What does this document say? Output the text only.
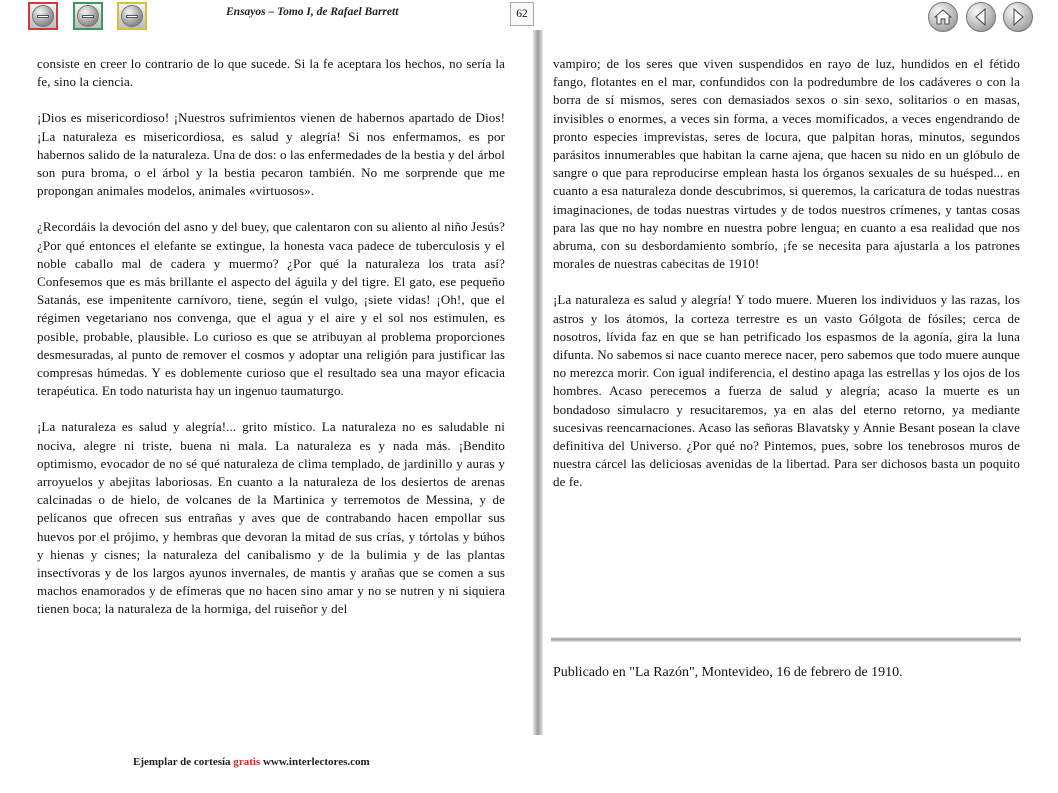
Ensayos – Tomo I, de Rafael Barrett	62

consiste en creer lo contrario de lo que sucede. Si la fe aceptara los hechos, no sería la fe, sino la ciencia.

¡Dios es misericordioso! ¡Nuestros sufrimientos vienen de habernos apartado de Dios! ¡La naturaleza es misericordiosa, es salud y alegría! Si nos enfermamos, es por habernos salido de la naturaleza. Una de dos: o las enfermedades de la bestia y del árbol son pura broma, o el árbol y la bestia pecaron también. No me sorprende que me propongan animales modelos, animales «virtuosos».

¿Recordáis la devoción del asno y del buey, que calentaron con su aliento al niño Jesús? ¿Por qué entonces el elefante se extingue, la honesta vaca padece de tuberculosis y el noble caballo mal de cadera y muermo? ¿Por qué la naturaleza los trata así? Confesemos que es más brillante el aspecto del águila y del tigre. El gato, ese pequeño Satanás, ese impenitente carnívoro, tiene, según el vulgo, ¡siete vidas! ¡Oh!, que el régimen vegetariano nos convenga, que el agua y el aire y el sol nos estimulen, es posible, probable, plausible. Lo curioso es que se atribuyan al problema proporciones desmesuradas, al punto de remover el cosmos y adoptar una religión para justificar las compresas húmedas. Y es doblemente curioso que el resultado sea una mayor eficacia terapéutica. En todo naturista hay un ingenuo taumaturgo.

¡La naturaleza es salud y alegría!... grito místico. La naturaleza no es saludable ni nociva, alegre ni triste, buena ni mala. La naturaleza es y nada más. ¡Bendito optimismo, evocador de no sé qué naturaleza de clima templado, de jardinillo y auras y arroyuelos y abejitas laboriosas. En cuanto a la naturaleza de los desiertos de arenas calcinadas o de hielo, de volcanes de la Martinica y terremotos de Messina, y de pelícanos que ofrecen sus entrañas y aves que de contrabando hacen empollar sus huevos por el prójimo, y hembras que devoran la mitad de sus crías, y tórtolas y búhos y hienas y cisnes; la naturaleza del canibalismo y de la bulimia y de las plantas insectívoras y de los largos ayunos invernales, de mantis y arañas que se comen a sus machos enamorados y de efímeras que no hacen sino amar y no se nutren y ni siquiera tienen boca; la naturaleza de la hormiga, del ruiseñor y del

vampiro; de los seres que viven suspendidos en rayo de luz, hundidos en el fétido fango, flotantes en el mar, confundidos con la podredumbre de los cadáveres o con la borra de sí mismos, seres con demasiados sexos o sin sexo, solitarios o en masas, invisibles o enormes, a veces sin forma, a veces momificados, a veces engendrando de pronto especies imprevistas, seres de locura, que palpitan horas, minutos, segundos parásitos innumerables que habitan la carne ajena, que hacen su nido en un glóbulo de sangre o que para reproducirse emplean hasta los órganos sexuales de su huésped... en cuanto a esa naturaleza donde descubrimos, si queremos, la caricatura de todas nuestras imaginaciones, de todas nuestras virtudes y de todos nuestros crímenes, y tantas cosas para las que no hay nombre en nuestra pobre lengua; en cuanto a esa realidad que nos abruma, con su desbordamiento sombrío, ¡fe se necesita para ajustarla a los patrones morales de nuestras cabecitas de 1910!

¡La naturaleza es salud y alegría! Y todo muere. Mueren los individuos y las razas, los astros y los átomos, la corteza terrestre es un vasto Gólgota de fósiles; cerca de nosotros, lívida faz en que se han petrificado los espasmos de la agonía, gira la luna difunta. No sabemos si nace cuanto merece nacer, pero sabemos que todo muere aunque no merezca morir. Con igual indiferencia, el destino apaga las estrellas y los ojos de los hombres. Acaso perecemos a fuerza de salud y alegría; acaso la muerte es un bondadoso simulacro y resucitaremos, ya en alas del eterno retorno, ya mediante sucesivas reencarnaciones. Acaso las señoras Blavatsky y Annie Besant posean la clave definitiva del Universo. ¿Por qué no? Pintemos, pues, sobre los tenebrosos muros de nuestra cárcel las deliciosas avenidas de la libertad. Para ser dichosos basta un poquito de fe.

Publicado en "La Razón", Montevideo, 16 de febrero de 1910.
Ejemplar de cortesía gratis www.interlectores.com
